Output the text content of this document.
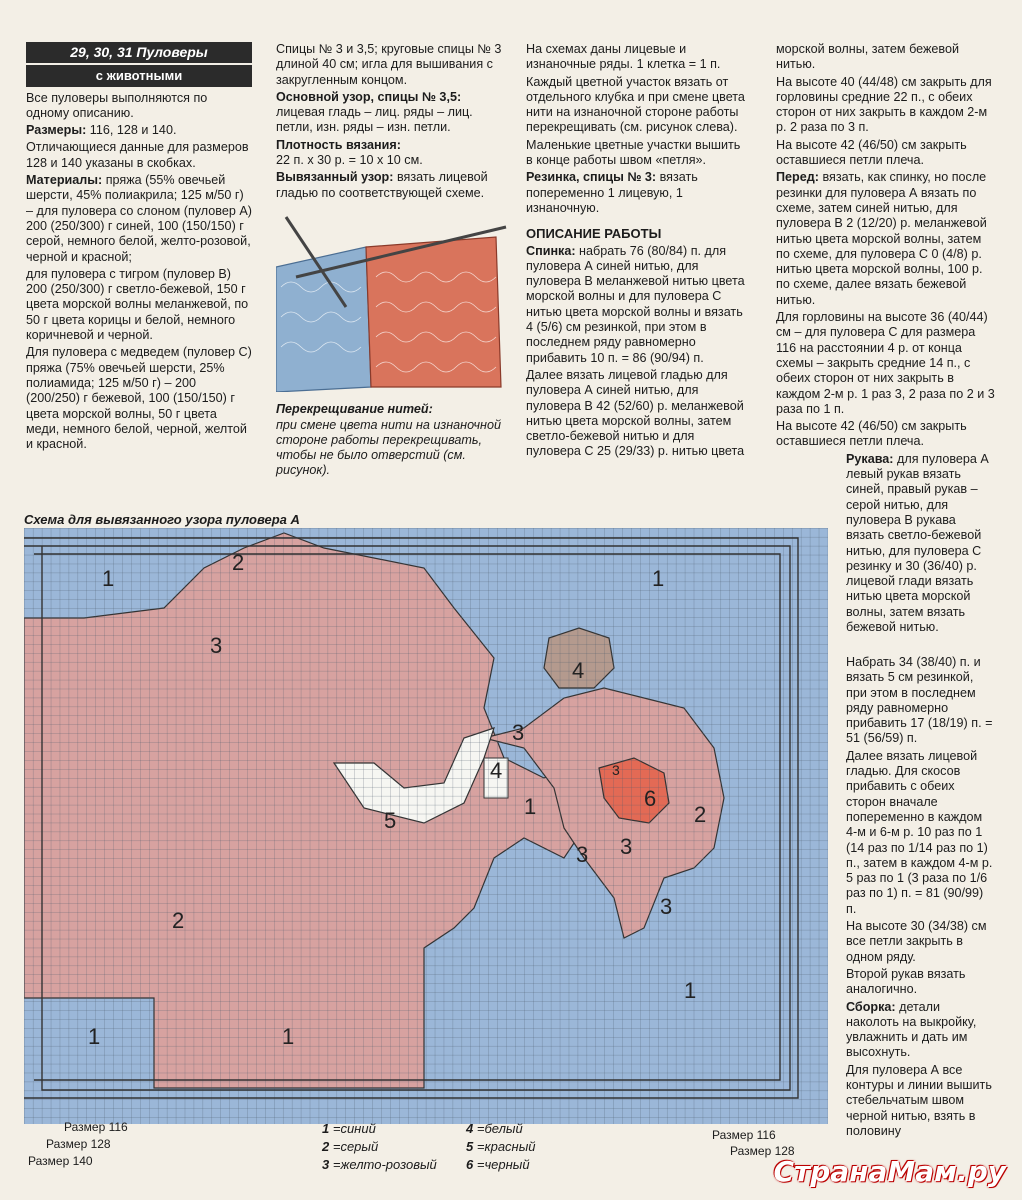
29, 30, 31 Пуловеры
с животными

Все пуловеры выполняются по одному описанию.

Размеры: 116, 128 и 140.

Отличающиеся данные для размеров 128 и 140 указаны в скобках.

Материалы: пряжа (55% овечьей шерсти, 45% полиакрила; 125 м/50 г) – для пуловера со слоном (пуловер А) 200 (250/300) г синей, 100 (150/150) г серой, немного белой, желто-розовой, черной и красной;

для пуловера с тигром (пуловер В) 200 (250/300) г светло-бежевой, 150 г цвета морской волны меланжевой, по 50 г цвета корицы и белой, немного коричневой и черной.

Для пуловера с медведем (пуловер С) пряжа (75% овечьей шерсти, 25% полиамида; 125 м/50 г) – 200 (200/250) г бежевой, 100 (150/150) г цвета морской волны, 50 г цвета меди, немного белой, черной, желтой и красной.

Спицы № 3 и 3,5; круговые спицы № 3 длиной 40 см; игла для вышивания с закругленным концом.

Основной узор, спицы № 3,5: лицевая гладь – лиц. ряды – лиц. петли, изн. ряды – изн. петли.

Плотность вязания:
22 п. х 30 р. = 10 х 10 см.

Вывязанный узор: вязать лицевой гладью по соответствующей схеме.

Перекрещивание нитей:
при смене цвета нити на изнаночной стороне работы перекрещивать, чтобы не было отверстий (см. рисунок).

На схемах даны лицевые и изнаночные ряды. 1 клетка = 1 п.

Каждый цветной участок вязать от отдельного клубка и при смене цвета нити на изнаночной стороне работы перекрещивать (см. рисунок слева).

Маленькие цветные участки вышить в конце работы швом «петля».

Резинка, спицы № 3: вязать попеременно 1 лицевую, 1 изнаночную.

ОПИСАНИЕ РАБОТЫ

Спинка: набрать 76 (80/84) п. для пуловера А синей нитью, для пуловера В меланжевой нитью цвета морской волны и для пуловера С нитью цвета морской волны и вязать 4 (5/6) см резинкой, при этом в последнем ряду равномерно прибавить 10 п. = 86 (90/94) п.

Далее вязать лицевой гладью для пуловера А синей нитью, для пуловера В 42 (52/60) р. меланжевой нитью цвета морской волны, затем светло-бежевой нитью и для пуловера С 25 (29/33) р. нитью цвета

морской волны, затем бежевой нитью.

На высоте 40 (44/48) см закрыть для горловины средние 22 п., с обеих сторон от них закрыть в каждом 2-м р. 2 раза по 3 п.

На высоте 42 (46/50) см закрыть оставшиеся петли плеча.

Перед: вязать, как спинку, но после резинки для пуловера А вязать по схеме, затем синей нитью, для пуловера В 2 (12/20) р. меланжевой нитью цвета морской волны, затем по схеме, для пуловера С 0 (4/8) р. нитью цвета морской волны, 100 р. по схеме, далее вязать бежевой нитью.

Для горловины на высоте 36 (40/44) см – для пуловера С для размера 116 на расстоянии 4 р. от конца схемы – закрыть средние 14 п., с обеих сторон от них закрыть в каждом 2-м р. 1 раз 3, 2 раза по 2 и 3 раза по 1 п.

На высоте 42 (46/50) см закрыть оставшиеся петли плеча.

Рукава: для пуловера А левый рукав вязать синей, правый рукав – серой нитью, для пуловера В рукава вязать светло-бежевой нитью, для пуловера С резинку и 30 (36/40) р. лицевой глади вязать нитью цвета морской волны, затем вязать бежевой нитью.

Набрать 34 (38/40) п. и вязать 5 см резинкой, при этом в последнем ряду равномерно прибавить 17 (18/19) п. = 51 (56/59) п.

Далее вязать лицевой гладью. Для скосов прибавить с обеих сторон вначале попеременно в каждом 4-м и 6-м р. 10 раз по 1 (14 раз по 1/14 раз по 1) п., затем в каждом 4-м р. 5 раз по 1 (3 раза по 1/6 раз по 1) п. = 81 (90/99) п.

На высоте 30 (34/38) см все петли закрыть в одном ряду.

Второй рукав вязать аналогично.

Сборка: детали наколоть на выкройку, увлажнить и дать им высохнуть.

Для пуловера А все контуры и линии вышить стебельчатым швом черной нитью, взять в половину

Схема для вывязанного узора пуловера А
1
2
3
1
2
3
4
5
6
3
4
1	2
3
3
1
1	1
3
1 =синий
2 =серый
3 =желто-розовый
4 =белый
5 =красный
6 =черный
Размер 116
Размер 128
Размер 140
Размер 116
Размер 128
СтранаМам.ру
